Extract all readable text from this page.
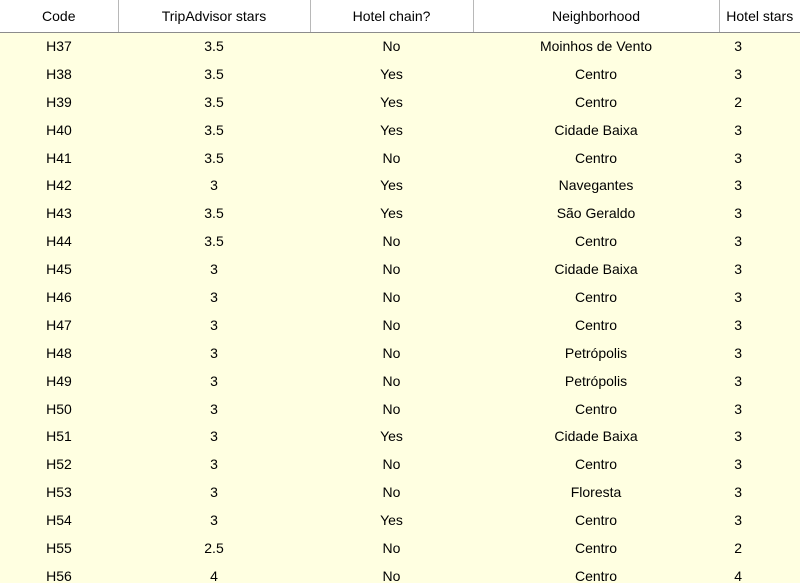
Code	TripAdvisor stars	Hotel chain?	Neighborhood	Hotel stars
H37	3.5	No	Moinhos de Vento	3
H38	3.5	Yes	Centro	3
H39	3.5	Yes	Centro	2
H40	3.5	Yes	Cidade Baixa	3
H41	3.5	No	Centro	3
H42	3	Yes	Navegantes	3
H43	3.5	Yes	São Geraldo	3
H44	3.5	No	Centro	3
H45	3	No	Cidade Baixa	3
H46	3	No	Centro	3
H47	3	No	Centro	3
H48	3	No	Petrópolis	3
H49	3	No	Petrópolis	3
H50	3	No	Centro	3
H51	3	Yes	Cidade Baixa	3
H52	3	No	Centro	3
H53	3	No	Floresta	3
H54	3	Yes	Centro	3
H55	2.5	No	Centro	2
H56	4	No	Centro	4
